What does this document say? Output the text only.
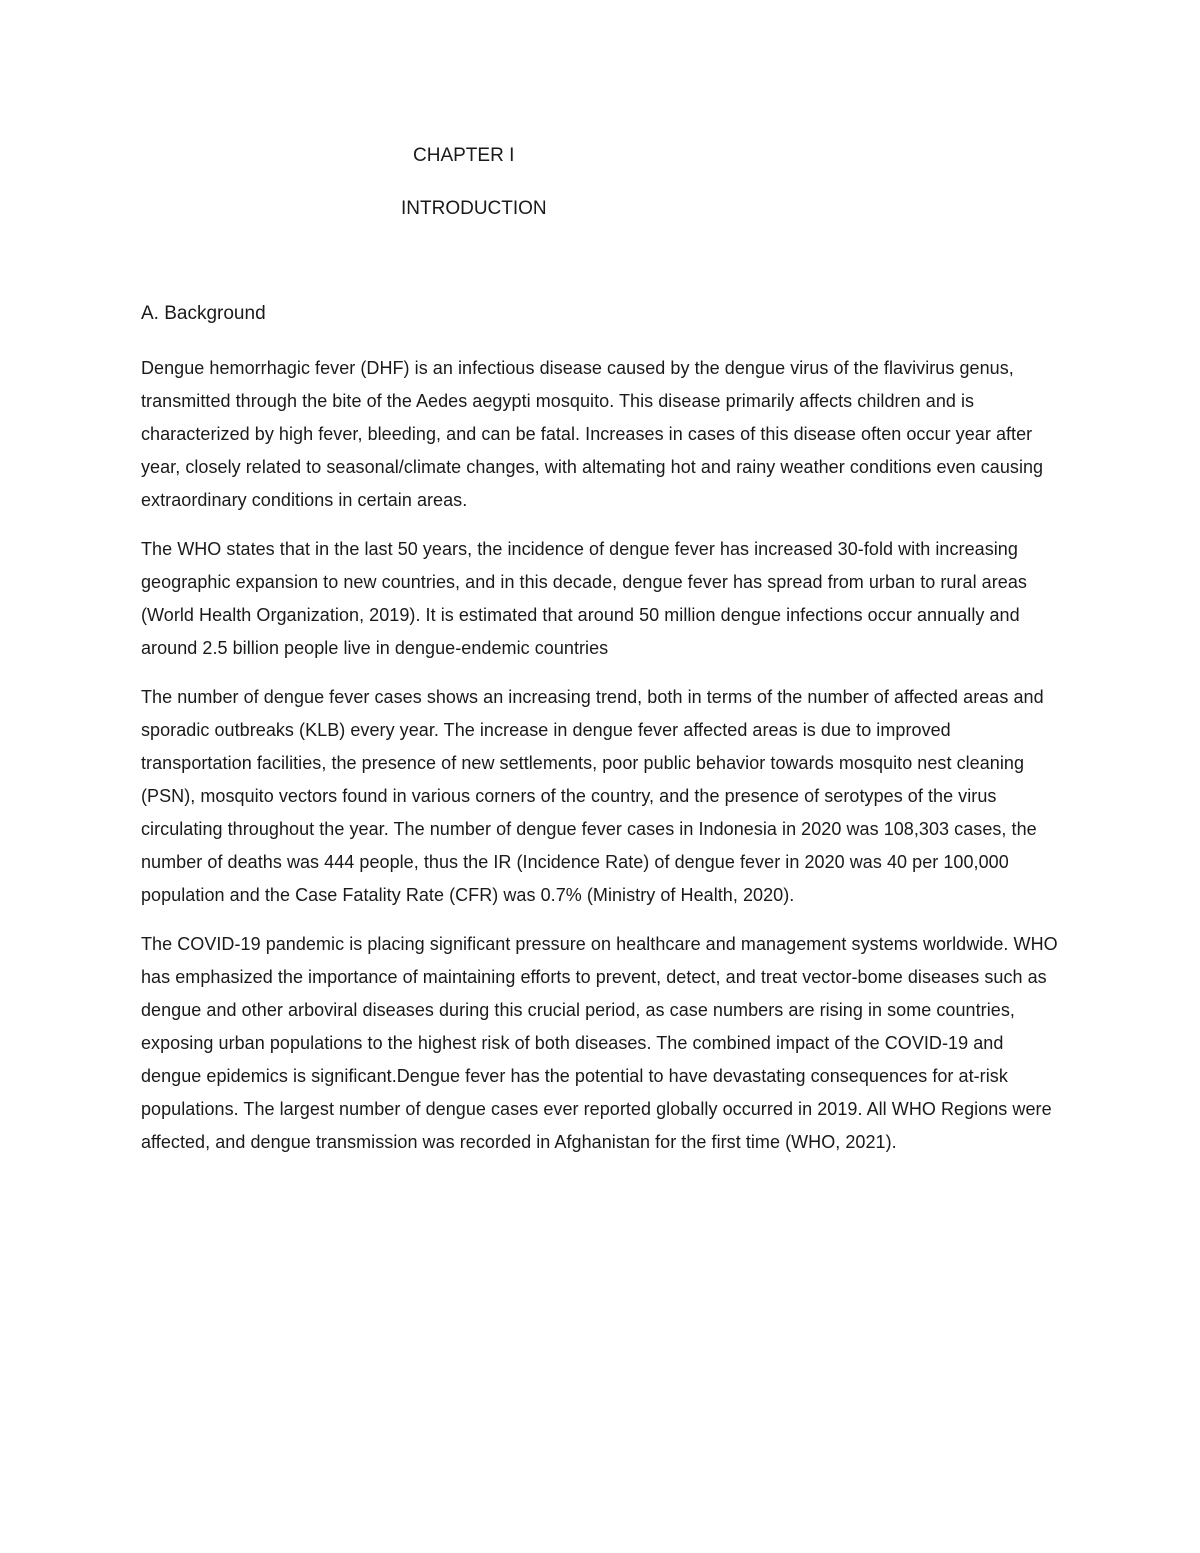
CHAPTER I
INTRODUCTION
A. Background

Dengue hemorrhagic fever (DHF) is an infectious disease caused by the dengue virus of the flavivirus genus, transmitted through the bite of the Aedes aegypti mosquito. This disease primarily affects children and is characterized by high fever, bleeding, and can be fatal. Increases in cases of this disease often occur year after year, closely related to seasonal/climate changes, with altemating hot and rainy weather conditions even causing extraordinary conditions in certain areas.

The WHO states that in the last 50 years, the incidence of dengue fever has increased 30-fold with increasing geographic expansion to new countries, and in this decade, dengue fever has spread from urban to rural areas (World Health Organization, 2019). It is estimated that around 50 million dengue infections occur annually and around 2.5 billion people live in dengue-endemic countries

The number of dengue fever cases shows an increasing trend, both in terms of the number of affected areas and sporadic outbreaks (KLB) every year. The increase in dengue fever affected areas is due to improved transportation facilities, the presence of new settlements, poor public behavior towards mosquito nest cleaning (PSN), mosquito vectors found in various corners of the country, and the presence of serotypes of the virus circulating throughout the year. The number of dengue fever cases in Indonesia in 2020 was 108,303 cases, the number of deaths was 444 people, thus the IR (Incidence Rate) of dengue fever in 2020 was 40 per 100,000 population and the Case Fatality Rate (CFR) was 0.7% (Ministry of Health, 2020).

The COVID-19 pandemic is placing significant pressure on healthcare and management systems worldwide. WHO has emphasized the importance of maintaining efforts to prevent, detect, and treat vector-bome diseases such as dengue and other arboviral diseases during this crucial period, as case numbers are rising in some countries, exposing urban populations to the highest risk of both diseases. The combined impact of the COVID-19 and dengue epidemics is significant.Dengue fever has the potential to have devastating consequences for at-risk populations. The largest number of dengue cases ever reported globally occurred in 2019. All WHO Regions were affected, and dengue transmission was recorded in Afghanistan for the first time (WHO, 2021).
